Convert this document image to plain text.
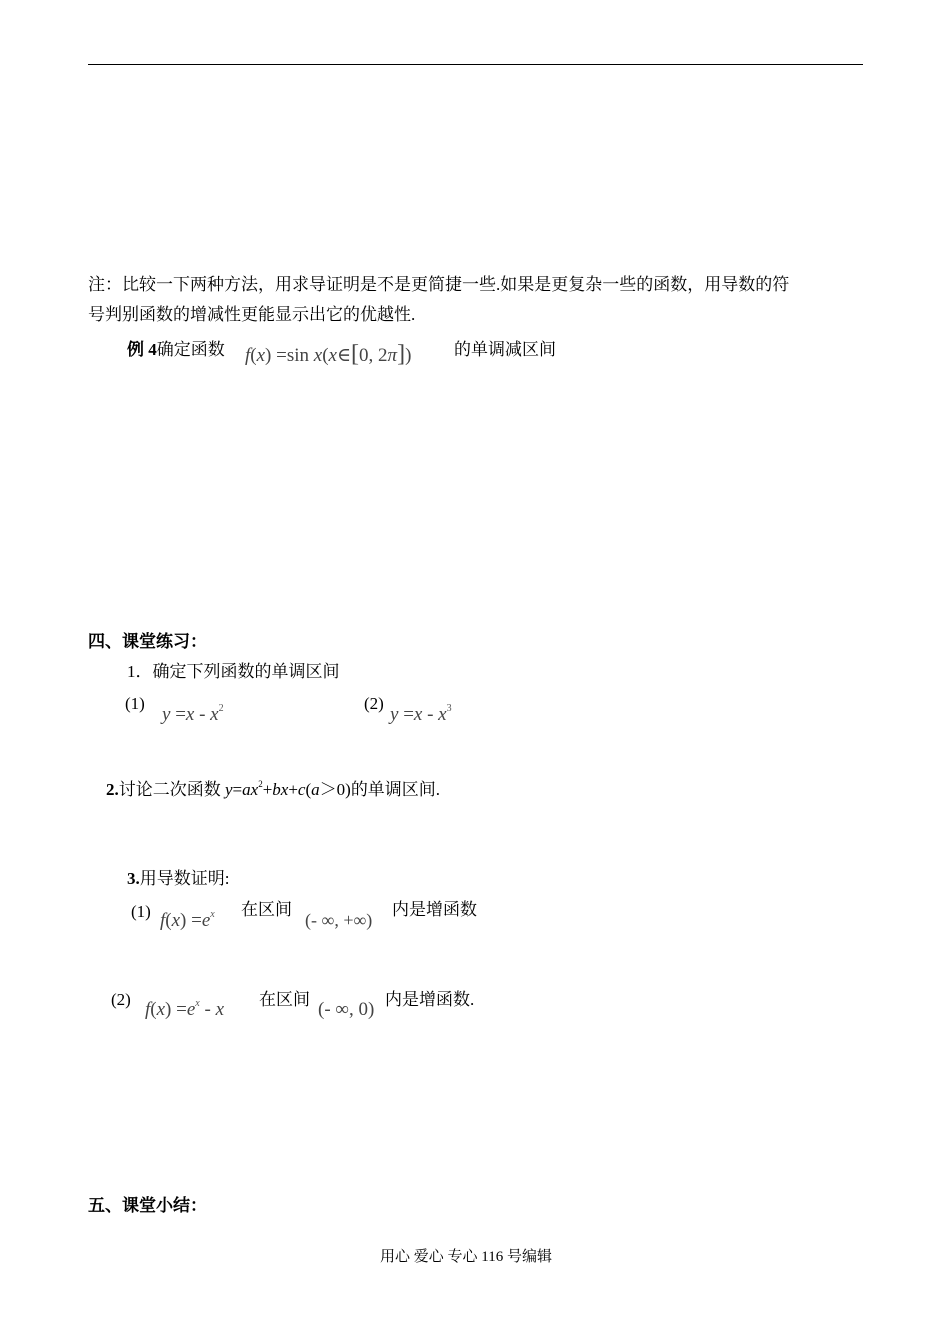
注：比较一下两种方法，用求导证明是不是更简捷一些.如果是更复杂一些的函数，用导数的符
号判别函数的增减性更能显示出它的优越性.
例 4确定函数 f(x) =sin x(x∈[0, 2π])	的单调减区间
四、课堂练习：
1．确定下列函数的单调区间
(1)
$y =x - x^2$	(2)
$y =x - x^3$
2.讨论二次函数 $y=ax^2+bx+c(a>0)$的单调区间.
3.用导数证明:
(1) $f(x) =e^x$ 在区间
(- ∞, +∞)
内是增函数
(2) $f(x) =e^x - x$ 在区间 (- ∞, 0) 内是增函数.
五、课堂小结：
用心 爱心 专心 116 号编辑
